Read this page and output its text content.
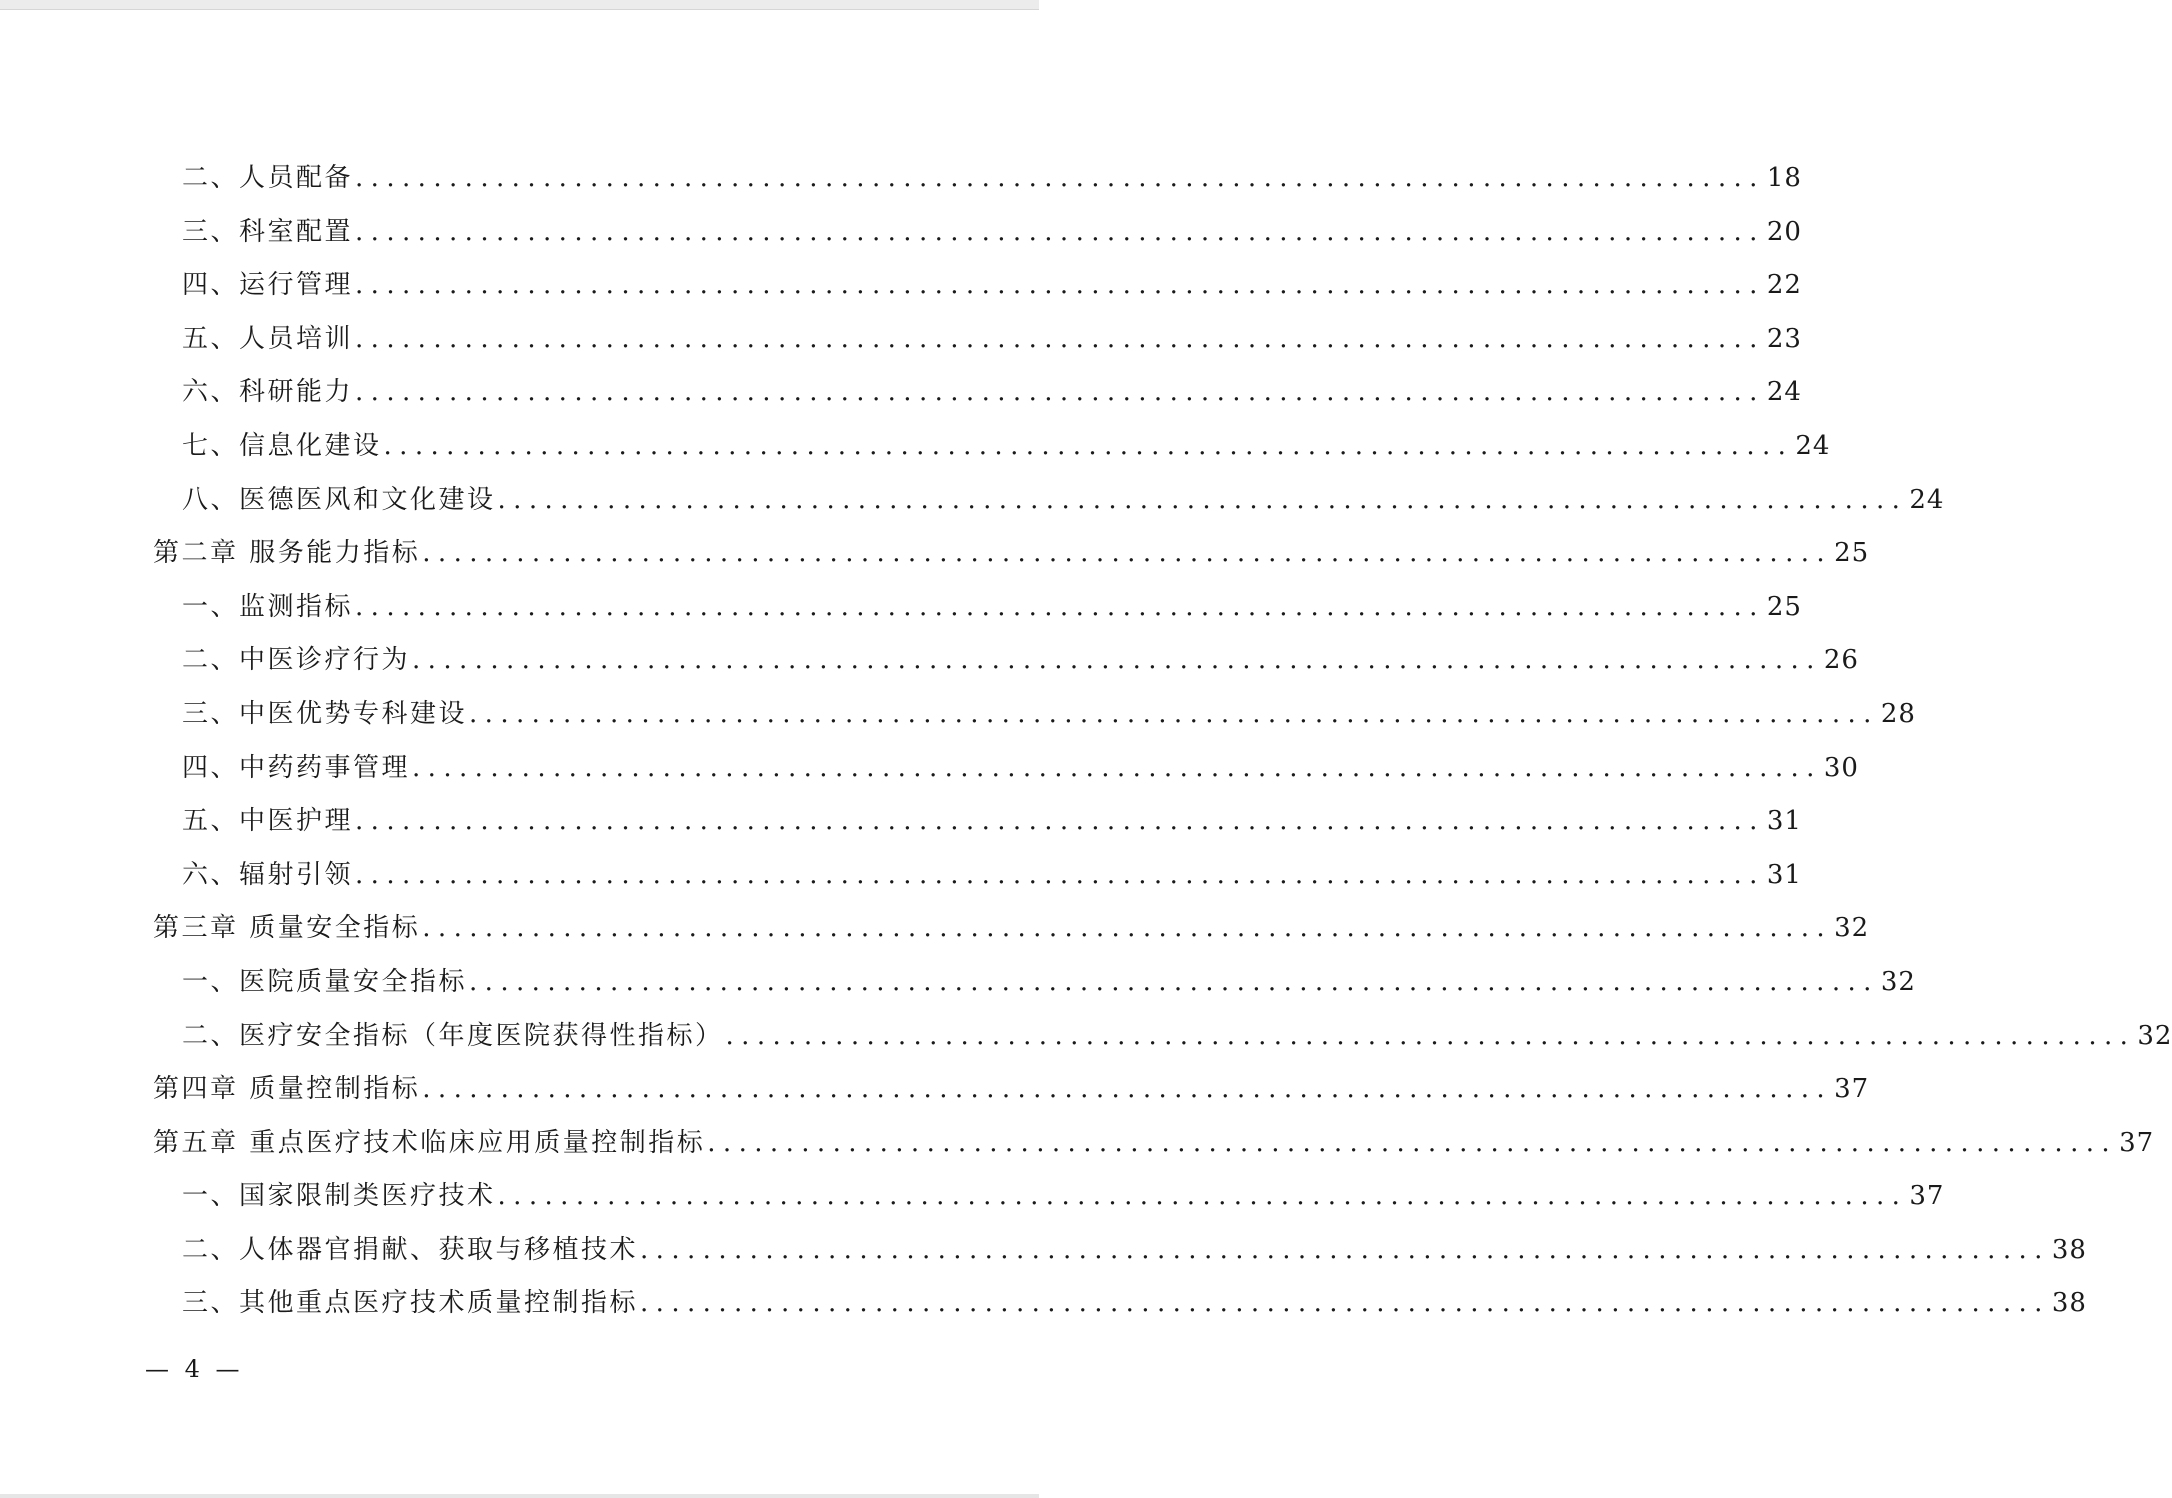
二、人员配备 .......................................................................................... 18
三、科室配置 .......................................................................................... 20
四、运行管理 .......................................................................................... 22
五、人员培训 .......................................................................................... 23
六、科研能力 .......................................................................................... 24
七、信息化建设 .......................................................................................... 24
八、医德医风和文化建设 .......................................................................................... 24
第二章 服务能力指标 .......................................................................................... 25
一、监测指标 .......................................................................................... 25
二、中医诊疗行为 .......................................................................................... 26
三、中医优势专科建设 .......................................................................................... 28
四、中药药事管理 .......................................................................................... 30
五、中医护理 .......................................................................................... 31
六、辐射引领 .......................................................................................... 31
第三章 质量安全指标 .......................................................................................... 32
一、医院质量安全指标 .......................................................................................... 32
二、医疗安全指标（年度医院获得性指标） .......................................................................................... 32
第四章 质量控制指标 .......................................................................................... 37
第五章 重点医疗技术临床应用质量控制指标 .......................................................................................... 37
一、国家限制类医疗技术 .......................................................................................... 37
二、人体器官捐献、获取与移植技术 .......................................................................................... 38
三、其他重点医疗技术质量控制指标 .......................................................................................... 38
— 4 —
